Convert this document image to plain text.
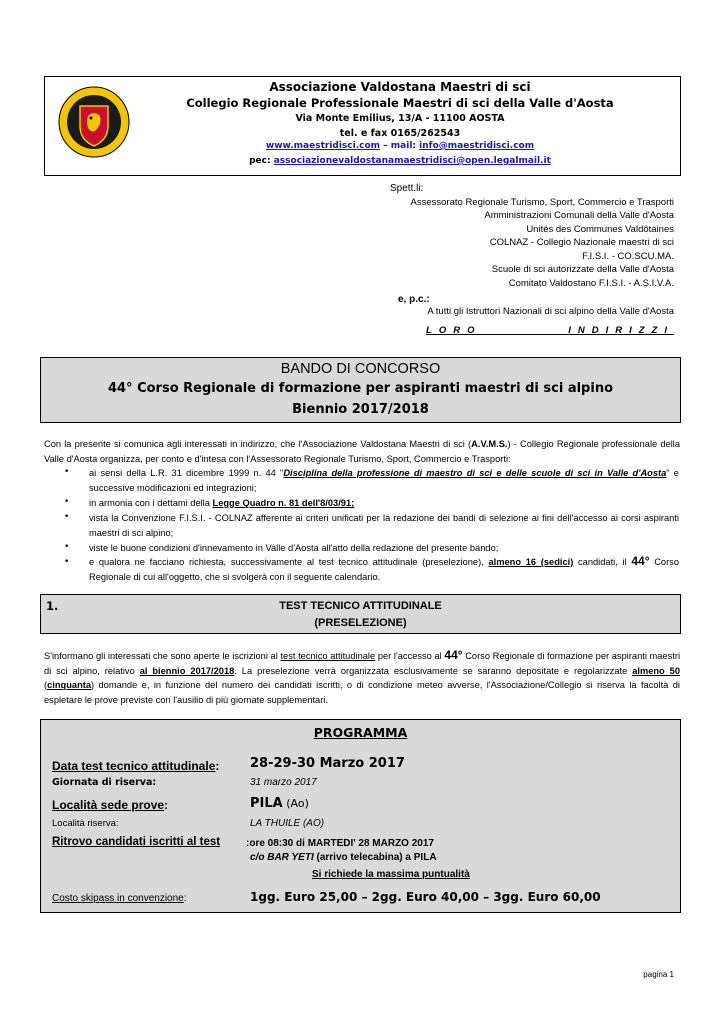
Associazione Valdostana Maestri di sci
Collegio Regionale Professionale Maestri di sci della Valle d'Aosta
Via Monte Emilius, 13/A - 11100 AOSTA
tel. e fax 0165/262543
www.maestridisci.com – mail: info@maestridisci.com
pec: associazionevaldostanamaestridisci@open.legalmail.it
Spett.li:
Assessorato Regionale Turismo, Sport, Commercio e Trasporti
Amministrazioni Comunali della Valle d'Aosta
Unités des Communes Valdôtaines
COLNAZ - Collegio Nazionale maestri di sci
F.I.S.I. - CO.SCU.MA.
Scuole di sci autorizzate della Valle d'Aosta
Comitato Valdostano F.I.S.I. - A.S.I.V.A.
e, p.c.:
A tutti gli Istruttori Nazionali di sci alpino della Valle d'Aosta
LORO	INDIRIZZI
BANDO DI CONCORSO
44° Corso Regionale di formazione per aspiranti maestri di sci alpino
Biennio 2017/2018
Con la presente si comunica agli interessati in indirizzo, che l'Associazione Valdostana Maestri di sci (A.V.M.S.) - Collegio Regionale professionale della Valle d'Aosta organizza, per conto e d'intesa con l'Assessorato Regionale Turismo, Sport, Commercio e Trasporti:
• ai sensi della L.R. 31 dicembre 1999 n. 44 "Disciplina della professione di maestro di sci e delle scuole di sci in Valle d'Aosta" e successive modificazioni ed integrazioni;
• in armonia con i dettami della Legge Quadro n. 81 dell'8/03/91;
• vista la Convenzione F.I.S.I. - COLNAZ afferente ai criteri unificati per la redazione dei bandi di selezione ai fini dell'accesso ai corsi aspiranti maestri di sci alpino;
• viste le buone condizioni d'innevamento in Valle d'Aosta all'atto della redazione del presente bando;
• e qualora ne facciano richiesta, successivamente al test tecnico attitudinale (preselezione), almeno 16 (sedici) candidati, il 44° Corso Regionale di cui all'oggetto, che si svolgerà con il seguente calendario.
1.	TEST TECNICO ATTITUDINALE
(PRESELEZIONE)
S'informano gli interessati che sono aperte le iscrizioni al test tecnico attitudinale per l'accesso al 44° Corso Regionale di formazione per aspiranti maestri di sci alpino, relativo al biennio 2017/2018. La preselezione verrà organizzata esclusivamente se saranno depositate e regolarizzate almeno 50 (cinquanta) domande e, in funzione del numero dei candidati iscritti, o di condizione meteo avverse, l'Associazione/Collegio si riserva la facoltà di espletare le prove previste con l'ausilio di più giornate supplementari.
PROGRAMMA
Data test tecnico attitudinale: 28-29-30 Marzo 2017
Giornata di riserva:	31 marzo 2017
Località sede prove:	PILA (Ao)
Località riserva:	LA THUILE (AO)
Ritrovo candidati iscritti al test	:ore 08:30 di MARTEDI' 28 MARZO 2017
c/o BAR YETI (arrivo telecabina) a PILA
Si richiede la massima puntualità
Costo skipass in convenzione:	1gg. Euro 25,00 – 2gg. Euro 40,00 – 3gg. Euro 60,00
pagina 1
